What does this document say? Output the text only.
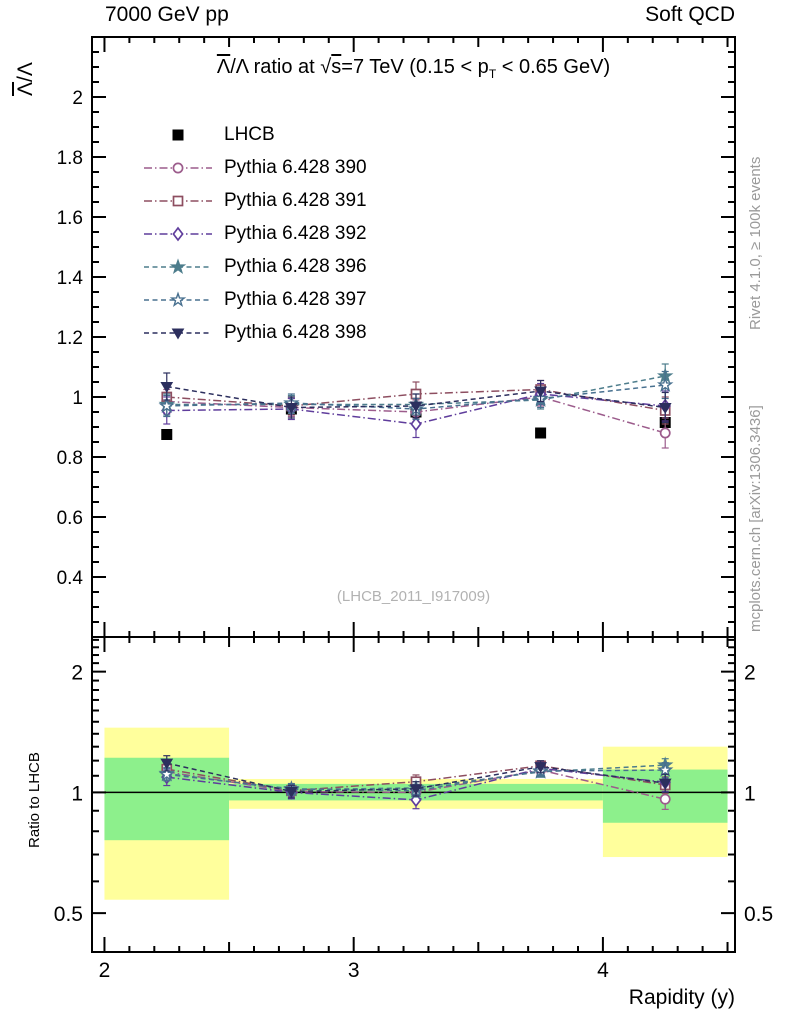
7000 GeV pp	Soft QCD
$\overline{\Lambda}/\Lambda$
2	3	4
0.4
0.6
0.8
1
1.2
1.4
1.6
1.8
2
0.5	0.5
1	1
2	2
$\overline{\Lambda}/\Lambda$ ratio at √s=7 TeV ($0.15 < p_T < 0.65$ GeV)
LHCB
Pythia 6.428 390
Pythia 6.428 391
Pythia 6.428 392
Pythia 6.428 396
Pythia 6.428 397
Pythia 6.428 398
(LHCB_2011_I917009)
Rivet 4.1.0, ≥ 100k events
mcplots.cern.ch [arXiv:1306.3436]
Ratio to LHCB
Rapidity (y)
